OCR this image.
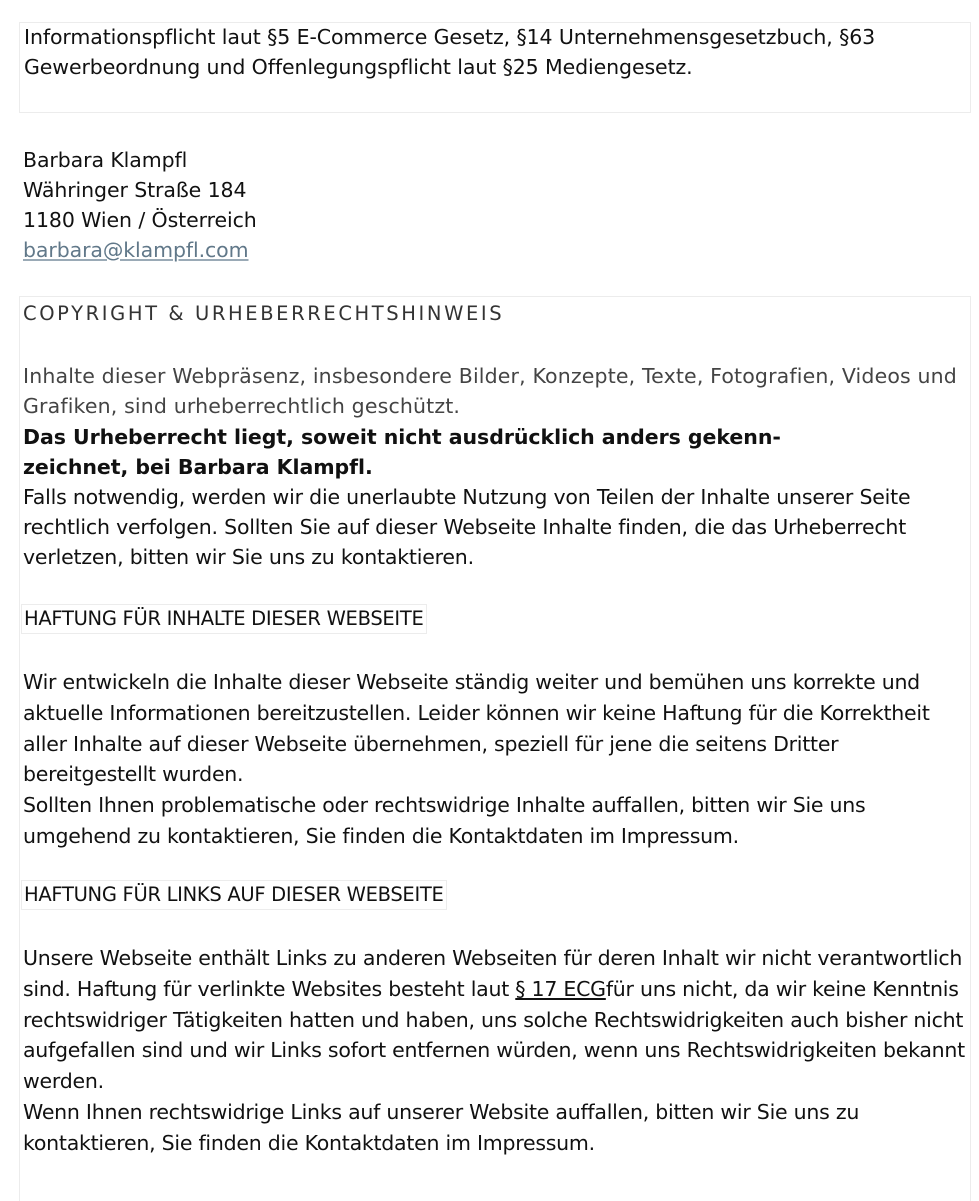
Informationspflicht laut §5 E-Commerce Gesetz, §14 Unternehmensgesetzbuch, §63 Gewerbeordnung und Offenlegungspflicht laut §25 Mediengesetz.

Barbara Klampfl
Währinger Straße 184
1180 Wien / Österreich
barbara@klampfl.com
COPYRIGHT & URHEBERRECHTSHINWEIS

Inhalte dieser Webpräsenz, insbesondere Bilder, Konzepte, Texte, Fotografien, Videos und Grafiken, sind urheberrechtlich geschützt.

Das Urheberrecht liegt, soweit nicht ausdrücklich anders gekenn-
zeichnet, bei Barbara Klampfl.

Falls notwendig, werden wir die unerlaubte Nutzung von Teilen der Inhalte unserer Seite rechtlich verfolgen. Sollten Sie auf dieser Webseite Inhalte finden, die das Urheberrecht verletzen, bitten wir Sie uns zu kontaktieren.

HAFTUNG FÜR INHALTE DIESER WEBSEITE

Wir entwickeln die Inhalte dieser Webseite ständig weiter und bemühen uns korrekte und aktuelle Informationen bereitzustellen. Leider können wir keine Haftung für die Korrektheit aller Inhalte auf dieser Webseite übernehmen, speziell für jene die seitens Dritter bereitgestellt wurden.

Sollten Ihnen problematische oder rechtswidrige Inhalte auffallen, bitten wir Sie uns umgehend zu kontaktieren, Sie finden die Kontaktdaten im Impressum.

HAFTUNG FÜR LINKS AUF DIESER WEBSEITE

Unsere Webseite enthält Links zu anderen Webseiten für deren Inhalt wir nicht verantwortlich sind. Haftung für verlinkte Websites besteht laut § 17 ECGfür uns nicht, da wir keine Kenntnis rechtswidriger Tätigkeiten hatten und haben, uns solche Rechtswidrigkeiten auch bisher nicht aufgefallen sind und wir Links sofort entfernen würden, wenn uns Rechtswidrigkeiten bekannt werden.

Wenn Ihnen rechtswidrige Links auf unserer Website auffallen, bitten wir Sie uns zu kontaktieren, Sie finden die Kontaktdaten im Impressum.
